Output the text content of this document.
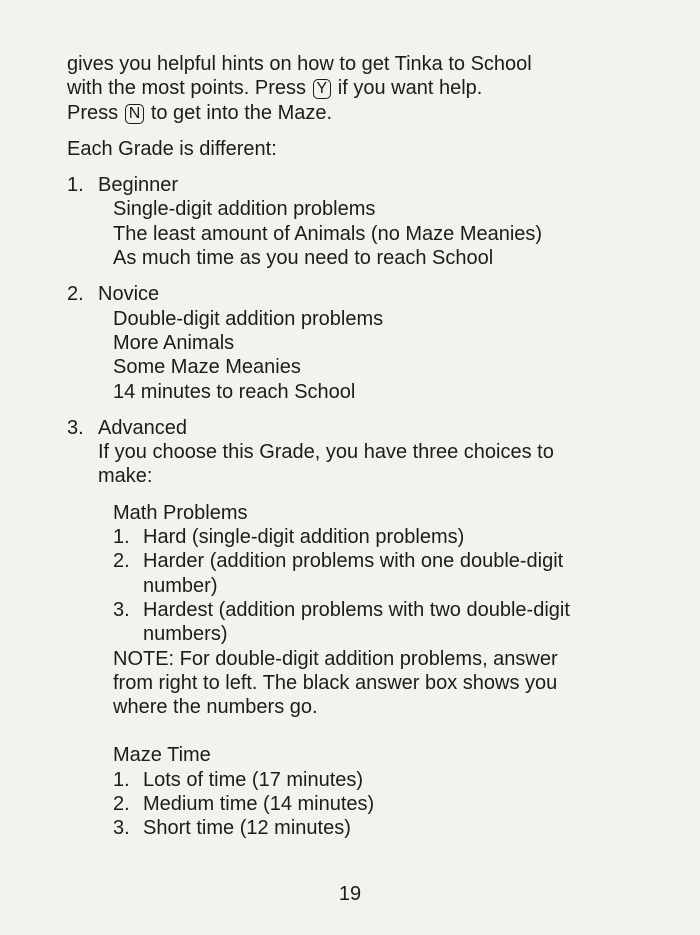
gives you helpful hints on how to get Tinka to School
with the most points. Press Y if you want help.
Press N to get into the Maze.
Each Grade is different:
1. Beginner
Single-digit addition problems
The least amount of Animals (no Maze Meanies)
As much time as you need to reach School
2. Novice
Double-digit addition problems
More Animals
Some Maze Meanies
14 minutes to reach School
3. Advanced
If you choose this Grade, you have three choices to
make:
Math Problems
1. Hard (single-digit addition problems)
2. Harder (addition problems with one double-digit
number)
3. Hardest (addition problems with two double-digit
numbers)
NOTE: For double-digit addition problems, answer
from right to left. The black answer box shows you
where the numbers go.
Maze Time
1. Lots of time (17 minutes)
2. Medium time (14 minutes)
3. Short time (12 minutes)
19
